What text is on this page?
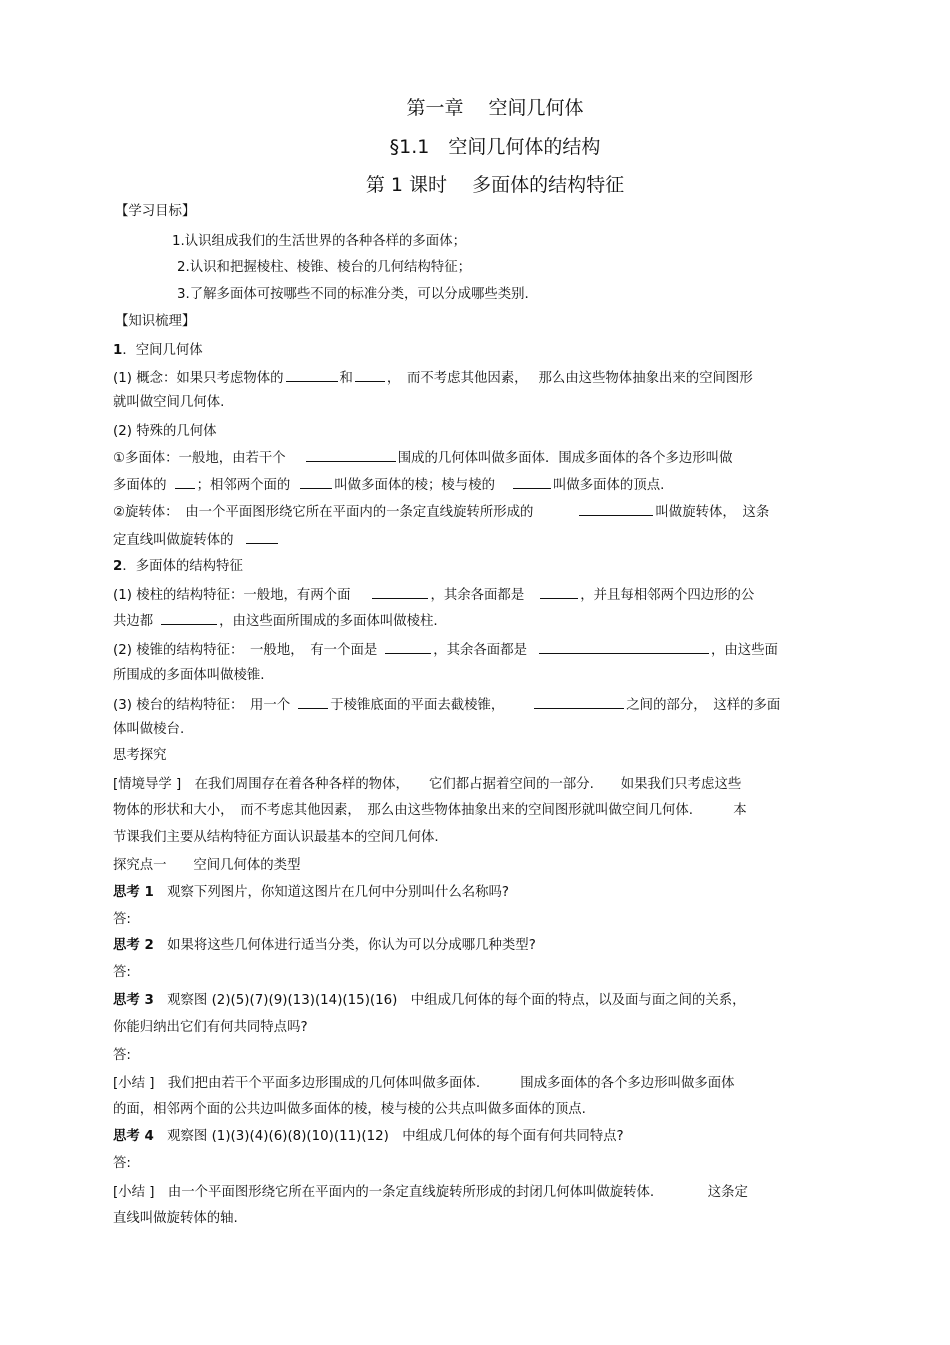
第一章　 空间几何体
§1.1　空间几何体的结构
第 1 课时　 多面体的结构特征
【学习目标】
1.认识组成我们的生活世界的各种各样的多面体；
2.认识和把握棱柱、棱锥、棱台的几何结构特征；
3.了解多面体可按哪些不同的标准分类，可以分成哪些类别.
【知识梳理】
1．空间几何体
(1) 概念：如果只考虑物体的	和	，　而不考虑其他因素，　 那么由这些物体抽象出来的空间图形
就叫做空间几何体.
(2) 特殊的几何体
①多面体：一般地，由若干个	围成的几何体叫做多面体．围成多面体的各个多边形叫做
多面体的 ；相邻两个面的	叫做多面体的棱；棱与棱的	叫做多面体的顶点.
②旋转体：　由一个平面图形绕它所在平面内的一条定直线旋转所形成的	叫做旋转体，　这条
定直线叫做旋转体的
2．多面体的结构特征
(1) 棱柱的结构特征：一般地，有两个面	，其余各面都是	，并且每相邻两个四边形的公
共边都	，由这些面所围成的多面体叫做棱柱.
(2) 棱锥的结构特征：　一般地，　有一个面是	，其余各面都是	，由这些面
所围成的多面体叫做棱锥.
(3) 棱台的结构特征：　用一个	于棱锥底面的平面去截棱锥，	之间的部分，　这样的多面
体叫做棱台.
思考探究
[情境导学 ]　在我们周围存在着各种各样的物体，　　它们都占据着空间的一部分.　　如果我们只考虑这些
物体的形状和大小，　而不考虑其他因素，　那么由这些物体抽象出来的空间图形就叫做空间几何体.　　　本
节课我们主要从结构特征方面认识最基本的空间几何体.
探究点一　　空间几何体的类型
思考 1　 观察下列图片，你知道这图片在几何中分别叫什么名称吗?
答:
思考 2　 如果将这些几何体进行适当分类，你认为可以分成哪几种类型?
答:
思考 3　 观察图 (2)(5)(7)(9)(13)(14)(15)(16)　中组成几何体的每个面的特点，以及面与面之间的关系，
你能归纳出它们有何共同特点吗?
答:
[小结 ]　我们把由若干个平面多边形围成的几何体叫做多面体.　　　围成多面体的各个多边形叫做多面体
的面，相邻两个面的公共边叫做多面体的棱，棱与棱的公共点叫做多面体的顶点.
思考 4　 观察图 (1)(3)(4)(6)(8)(10)(11)(12)　中组成几何体的每个面有何共同特点?
答:
[小结 ]　由一个平面图形绕它所在平面内的一条定直线旋转所形成的封闭几何体叫做旋转体.　　　　这条定
直线叫做旋转体的轴.
